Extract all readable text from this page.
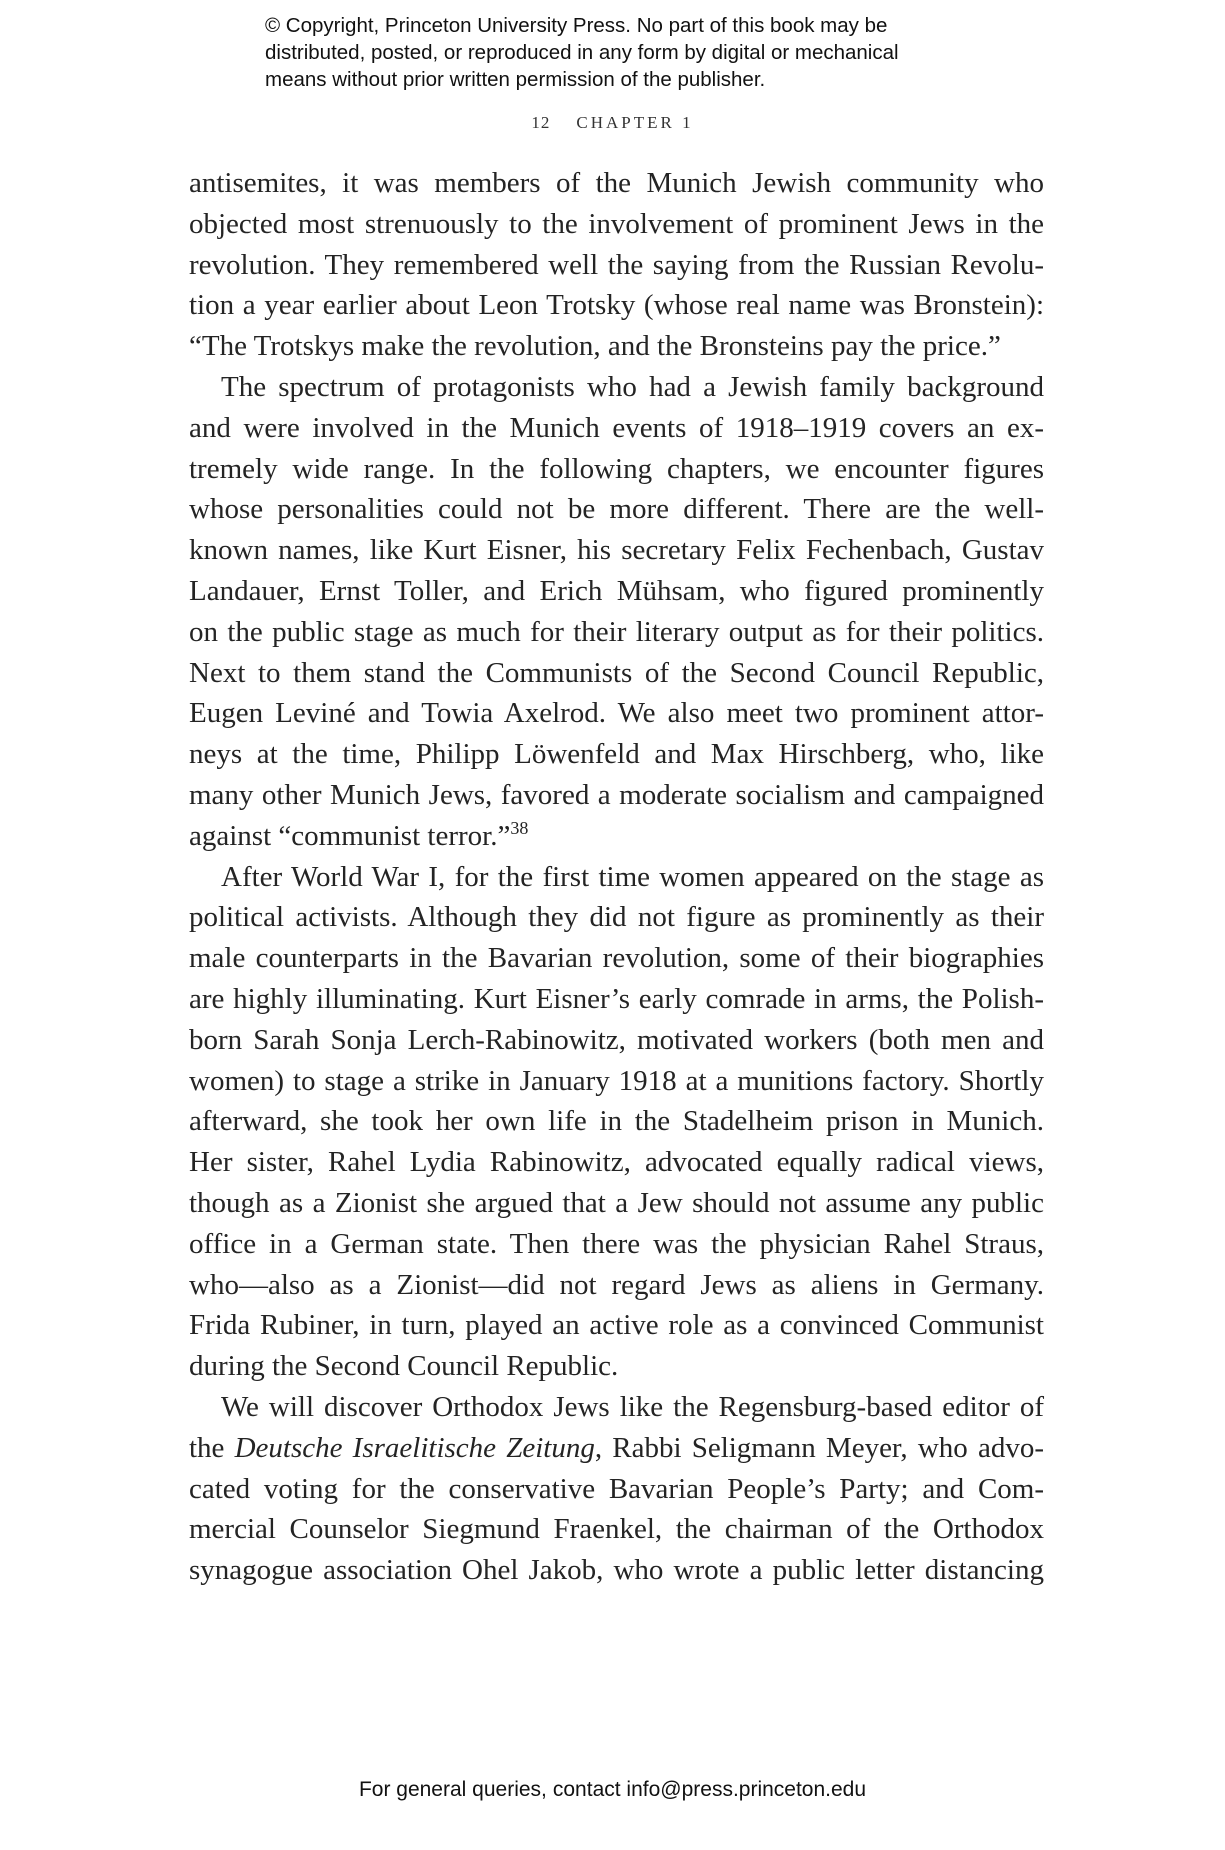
© Copyright, Princeton University Press. No part of this book may be
distributed, posted, or reproduced in any form by digital or mechanical
means without prior written permission of the publisher.
12 CHAPTER 1
antisemites, it was members of the Munich Jewish community who
objected most strenuously to the involvement of prominent Jews in the
revolution. They remembered well the saying from the Russian Revolu-
tion a year earlier about Leon Trotsky (whose real name was Bronstein):
“The Trotskys make the revolution, and the Bronsteins pay the price.”
The spectrum of protagonists who had a Jewish family background
and were involved in the Munich events of 1918–1919 covers an ex-
tremely wide range. In the following chapters, we encounter figures
whose personalities could not be more different. There are the well-
known names, like Kurt Eisner, his secretary Felix Fechenbach, Gustav
Landauer, Ernst Toller, and Erich Mühsam, who figured prominently
on the public stage as much for their literary output as for their politics.
Next to them stand the Communists of the Second Council Republic,
Eugen Leviné and Towia Axelrod. We also meet two prominent attor-
neys at the time, Philipp Löwenfeld and Max Hirschberg, who, like
many other Munich Jews, favored a moderate socialism and campaigned
against “communist terror.”$^{38}$
After World War I, for the first time women appeared on the stage as
political activists. Although they did not figure as prominently as their
male counterparts in the Bavarian revolution, some of their biographies
are highly illuminating. Kurt Eisner’s early comrade in arms, the Polish-
born Sarah Sonja Lerch-Rabinowitz, motivated workers (both men and
women) to stage a strike in January 1918 at a munitions factory. Shortly
afterward, she took her own life in the Stadelheim prison in Munich.
Her sister, Rahel Lydia Rabinowitz, advocated equally radical views,
though as a Zionist she argued that a Jew should not assume any public
office in a German state. Then there was the physician Rahel Straus,
who—also as a Zionist—did not regard Jews as aliens in Germany.
Frida Rubiner, in turn, played an active role as a convinced Communist
during the Second Council Republic.
We will discover Orthodox Jews like the Regensburg-based editor of
the Deutsche Israelitische Zeitung, Rabbi Seligmann Meyer, who advo-
cated voting for the conservative Bavarian People’s Party; and Com-
mercial Counselor Siegmund Fraenkel, the chairman of the Orthodox
synagogue association Ohel Jakob, who wrote a public letter distancing
For general queries, contact info@press.princeton.edu
